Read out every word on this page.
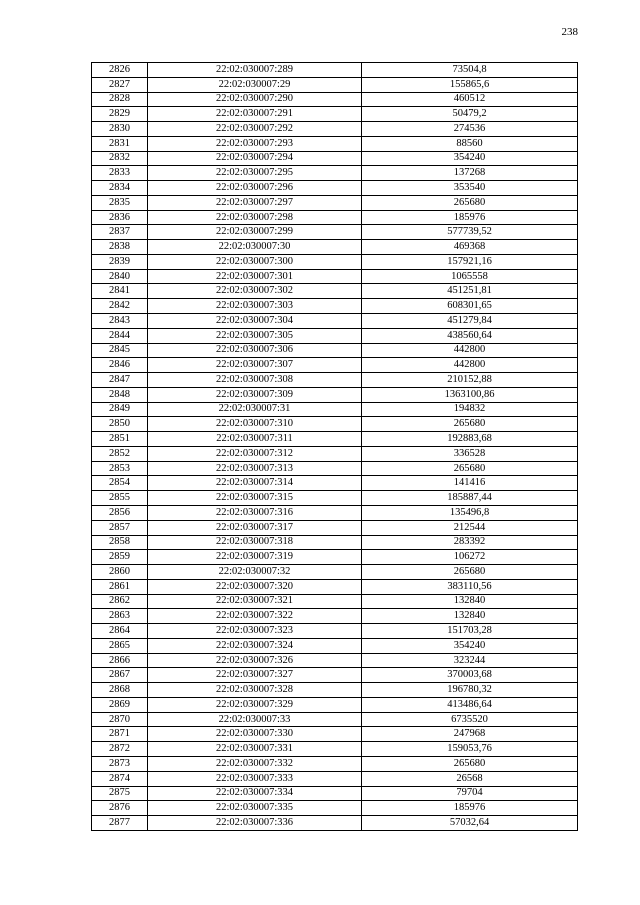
238
2826	22:02:030007:289	73504,8
2827	22:02:030007:29	155865,6
2828	22:02:030007:290	460512
2829	22:02:030007:291	50479,2
2830	22:02:030007:292	274536
2831	22:02:030007:293	88560
2832	22:02:030007:294	354240
2833	22:02:030007:295	137268
2834	22:02:030007:296	353540
2835	22:02:030007:297	265680
2836	22:02:030007:298	185976
2837	22:02:030007:299	577739,52
2838	22:02:030007:30	469368
2839	22:02:030007:300	157921,16
2840	22:02:030007:301	1065558
2841	22:02:030007:302	451251,81
2842	22:02:030007:303	608301,65
2843	22:02:030007:304	451279,84
2844	22:02:030007:305	438560,64
2845	22:02:030007:306	442800
2846	22:02:030007:307	442800
2847	22:02:030007:308	210152,88
2848	22:02:030007:309	1363100,86
2849	22:02:030007:31	194832
2850	22:02:030007:310	265680
2851	22:02:030007:311	192883,68
2852	22:02:030007:312	336528
2853	22:02:030007:313	265680
2854	22:02:030007:314	141416
2855	22:02:030007:315	185887,44
2856	22:02:030007:316	135496,8
2857	22:02:030007:317	212544
2858	22:02:030007:318	283392
2859	22:02:030007:319	106272
2860	22:02:030007:32	265680
2861	22:02:030007:320	383110,56
2862	22:02:030007:321	132840
2863	22:02:030007:322	132840
2864	22:02:030007:323	151703,28
2865	22:02:030007:324	354240
2866	22:02:030007:326	323244
2867	22:02:030007:327	370003,68
2868	22:02:030007:328	196780,32
2869	22:02:030007:329	413486,64
2870	22:02:030007:33	6735520
2871	22:02:030007:330	247968
2872	22:02:030007:331	159053,76
2873	22:02:030007:332	265680
2874	22:02:030007:333	26568
2875	22:02:030007:334	79704
2876	22:02:030007:335	185976
2877	22:02:030007:336	57032,64
